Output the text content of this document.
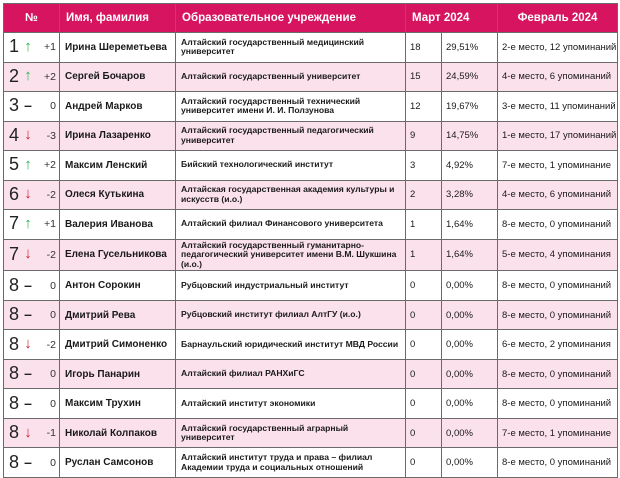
№		Имя, фамилия	Образовательное учреждение	Март 2024		Февраль 2024

1 ↑	+1	Ирина Шереметьева	Алтайский государственный медицинский университет	18	29,51%	2-е место, 12 упоминаний

2 ↑	+2	Сергей Бочаров	Алтайский государственный университет	15	24,59%	4-е место, 6 упоминаний

3 –	0	Андрей Марков	Алтайский государственный технический университет имени И. И. Ползунова	12	19,67%	3-е место, 11 упоминаний

4 ↓	-3	Ирина Лазаренко	Алтайский государственный педагогический университет	9	14,75%	1-е место, 17 упоминаний

5 ↑	+2	Максим Ленский	Бийский технологический институт	3	4,92%	7-е место, 1 упоминание

6 ↓	-2	Олеся Кутькина	Алтайская государственная академия культуры и искусств (и.о.)	2	3,28%	4-е место, 6 упоминаний

7 ↑	+1	Валерия Иванова	Алтайский филиал Финансового университета	1	1,64%	8-е место, 0 упоминаний

7 ↓	-2	Елена Гусельникова	Алтайский государственный гуманитарно-педагогический университет имени В.М. Шукшина (и.о.)	1	1,64%	5-е место, 4 упоминания

8 –	0	Антон Сорокин	Рубцовский индустриальный институт	0	0,00%	8-е место, 0 упоминаний

8 –	0	Дмитрий Рева	Рубцовский институт филиал АлтГУ (и.о.)	0	0,00%	8-е место, 0 упоминаний

8 ↓	-2	Дмитрий Симоненко	Барнаульский юридический институт МВД России	0	0,00%	6-е место, 2 упоминания

8 –	0	Игорь Панарин	Алтайский филиал РАНХиГС	0	0,00%	8-е место, 0 упоминаний

8 –	0	Максим Трухин	Алтайский институт экономики	0	0,00%	8-е место, 0 упоминаний

8 ↓	-1	Николай Колпаков	Алтайский государственный аграрный университет	0	0,00%	7-е место, 1 упоминание

8 –	0	Руслан Самсонов	Алтайский институт труда и права – филиал Академии труда и социальных отношений	0	0,00%	8-е место, 0 упоминаний
